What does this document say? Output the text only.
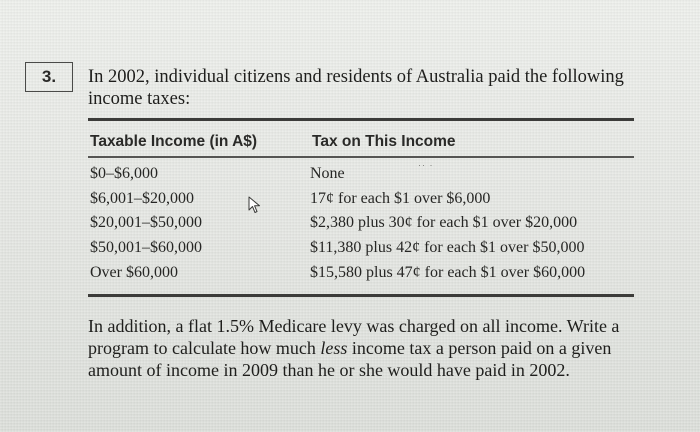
3. In 2002, individual citizens and residents of Australia paid the following income taxes:
Taxable Income (in A$)	Tax on This Income
·· ·
$0–$6,000	None
$6,001–$20,000	17¢ for each $1 over $6,000
$20,001–$50,000	$2,380 plus 30¢ for each $1 over $20,000
$50,001–$60,000	$11,380 plus 42¢ for each $1 over $50,000
Over $60,000	$15,580 plus 47¢ for each $1 over $60,000
In addition, a flat 1.5% Medicare levy was charged on all income. Write a program to calculate how much less income tax a person paid on a given amount of income in 2009 than he or she would have paid in 2002.
